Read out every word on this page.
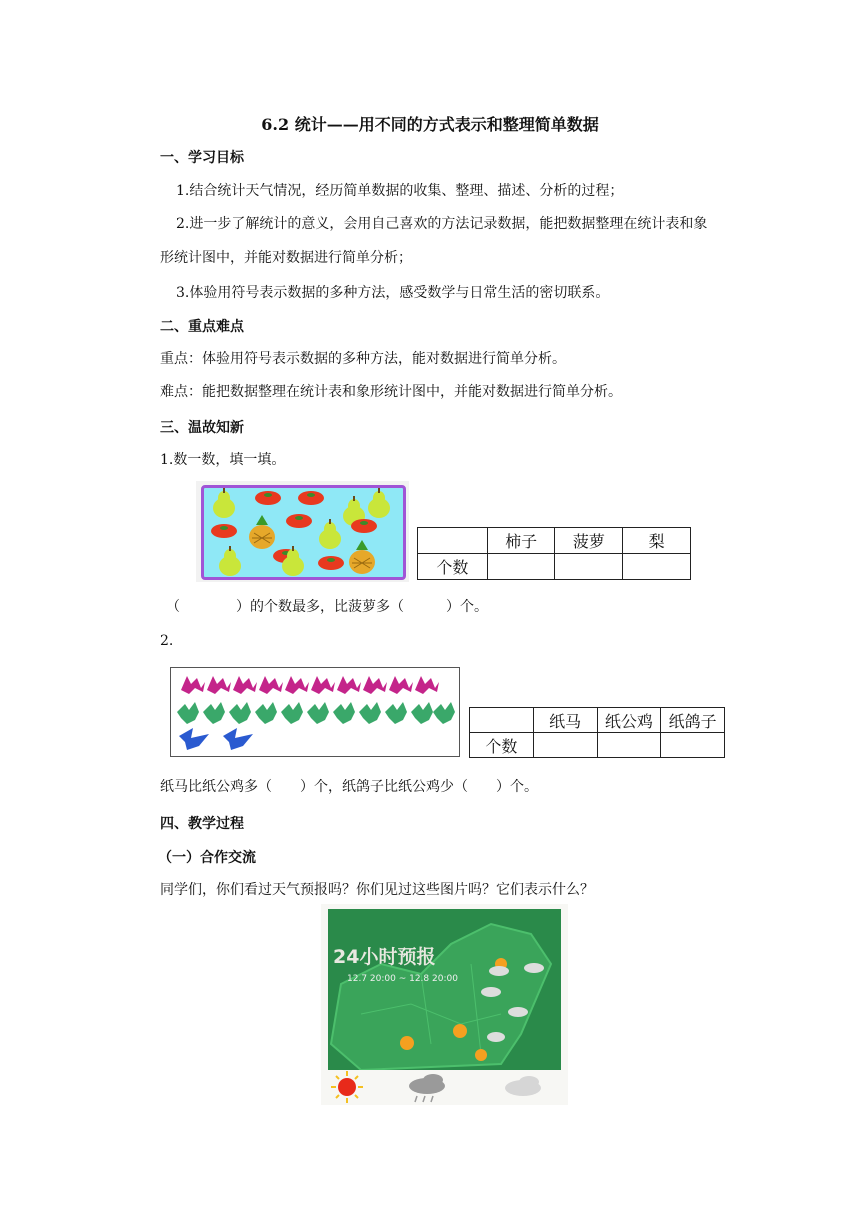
6.2 统计——用不同的方式表示和整理简单数据
一、学习目标
1.结合统计天气情况，经历简单数据的收集、整理、描述、分析的过程；
2.进一步了解统计的意义，会用自己喜欢的方法记录数据，能把数据整理在统计表和象
形统计图中，并能对数据进行简单分析；
3.体验用符号表示数据的多种方法，感受数学与日常生活的密切联系。
二、重点难点
重点：体验用符号表示数据的多种方法，能对数据进行简单分析。
难点：能把数据整理在统计表和象形统计图中，并能对数据进行简单分析。
三、温故知新
1.数一数，填一填。
	柿子	菠萝	梨
个数			
（　　　　）的个数最多，比菠萝多（　　　）个。
2.
	纸马	纸公鸡	纸鸽子
个数			
纸马比纸公鸡多（　　）个，纸鸽子比纸公鸡少（　　）个。
四、教学过程
（一）合作交流
同学们，你们看过天气预报吗？你们见过这些图片吗？它们表示什么？
24小时预报
12.7 20:00 ~ 12.8 20:00
